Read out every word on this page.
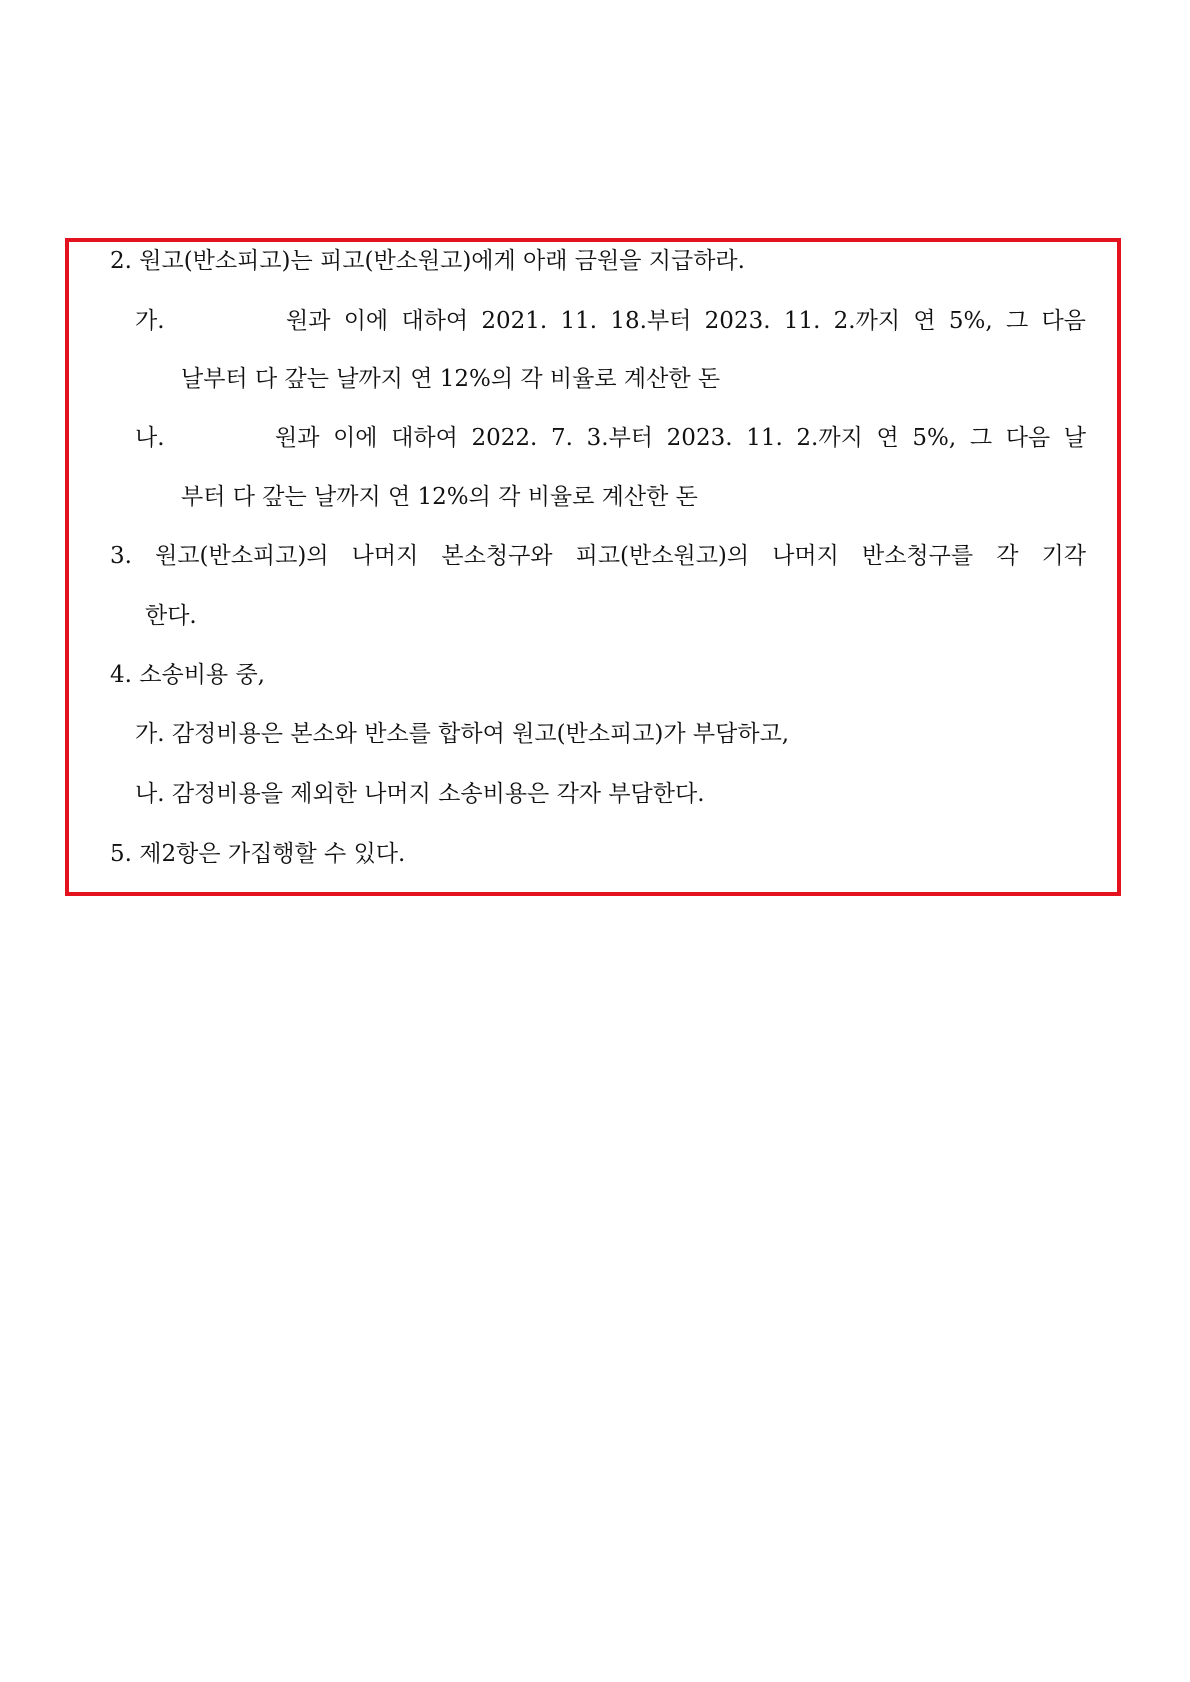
2. 원고(반소피고)는 피고(반소원고)에게 아래 금원을 지급하라.
가.	원과 이에 대하여 2021. 11. 18.부터 2023. 11. 2.까지 연 5%, 그 다음
날부터 다 갚는 날까지 연 12%의 각 비율로 계산한 돈
나.	원과 이에 대하여 2022. 7. 3.부터 2023. 11. 2.까지 연 5%, 그 다음 날
부터 다 갚는 날까지 연 12%의 각 비율로 계산한 돈
3. 원고(반소피고)의 나머지 본소청구와 피고(반소원고)의 나머지 반소청구를 각 기각
한다.
4. 소송비용 중,
가. 감정비용은 본소와 반소를 합하여 원고(반소피고)가 부담하고,
나. 감정비용을 제외한 나머지 소송비용은 각자 부담한다.
5. 제2항은 가집행할 수 있다.
